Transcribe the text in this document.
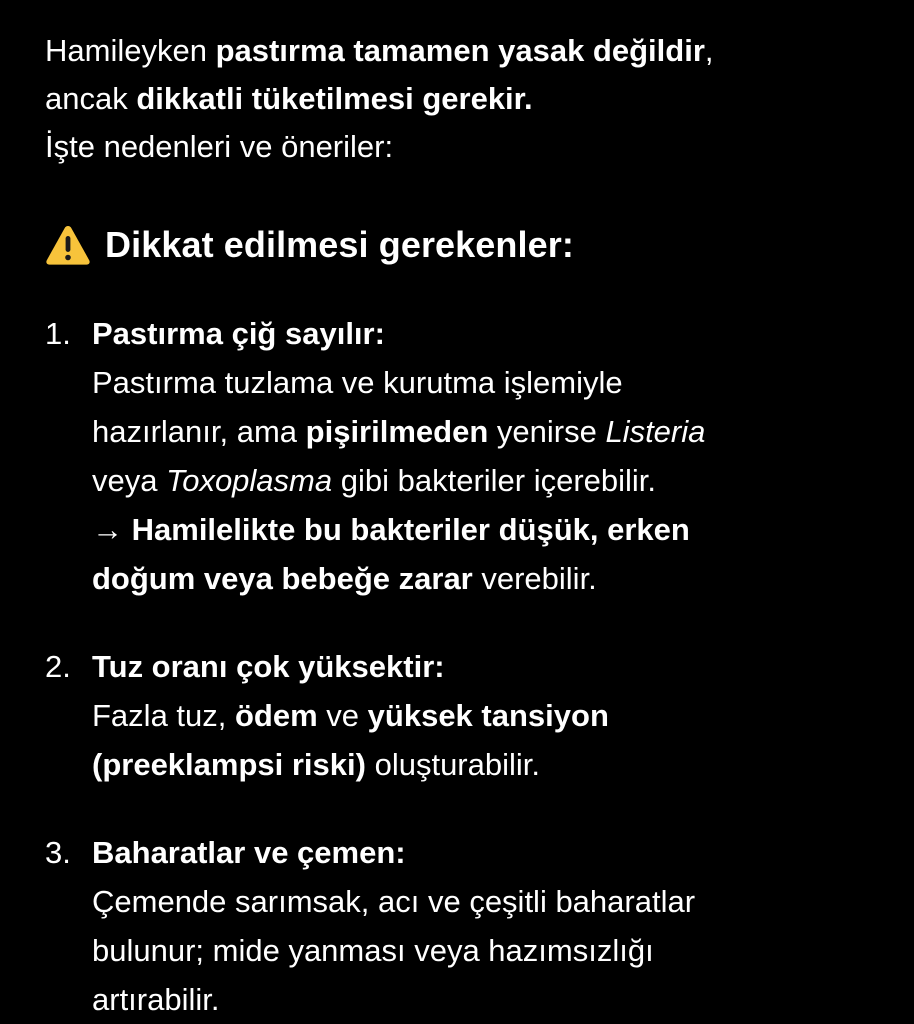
Hamileyken pastırma tamamen yasak değildir,

ancak dikkatli tüketilmesi gerekir.

İşte nedenleri ve öneriler:

Dikkat edilmesi gerekenler:
1. Pastırma çiğ sayılır:

Pastırma tuzlama ve kurutma işlemiyle

hazırlanır, ama pişirilmeden yenirse Listeria

veya Toxoplasma gibi bakteriler içerebilir.

→ Hamilelikte bu bakteriler düşük, erken

doğum veya bebeğe zarar verebilir.

2. Tuz oranı çok yüksektir:

Fazla tuz, ödem ve yüksek tansiyon

(preeklampsi riski) oluşturabilir.

3. Baharatlar ve çemen:

Çemende sarımsak, acı ve çeşitli baharatlar

bulunur; mide yanması veya hazımsızlığı

artırabilir.
